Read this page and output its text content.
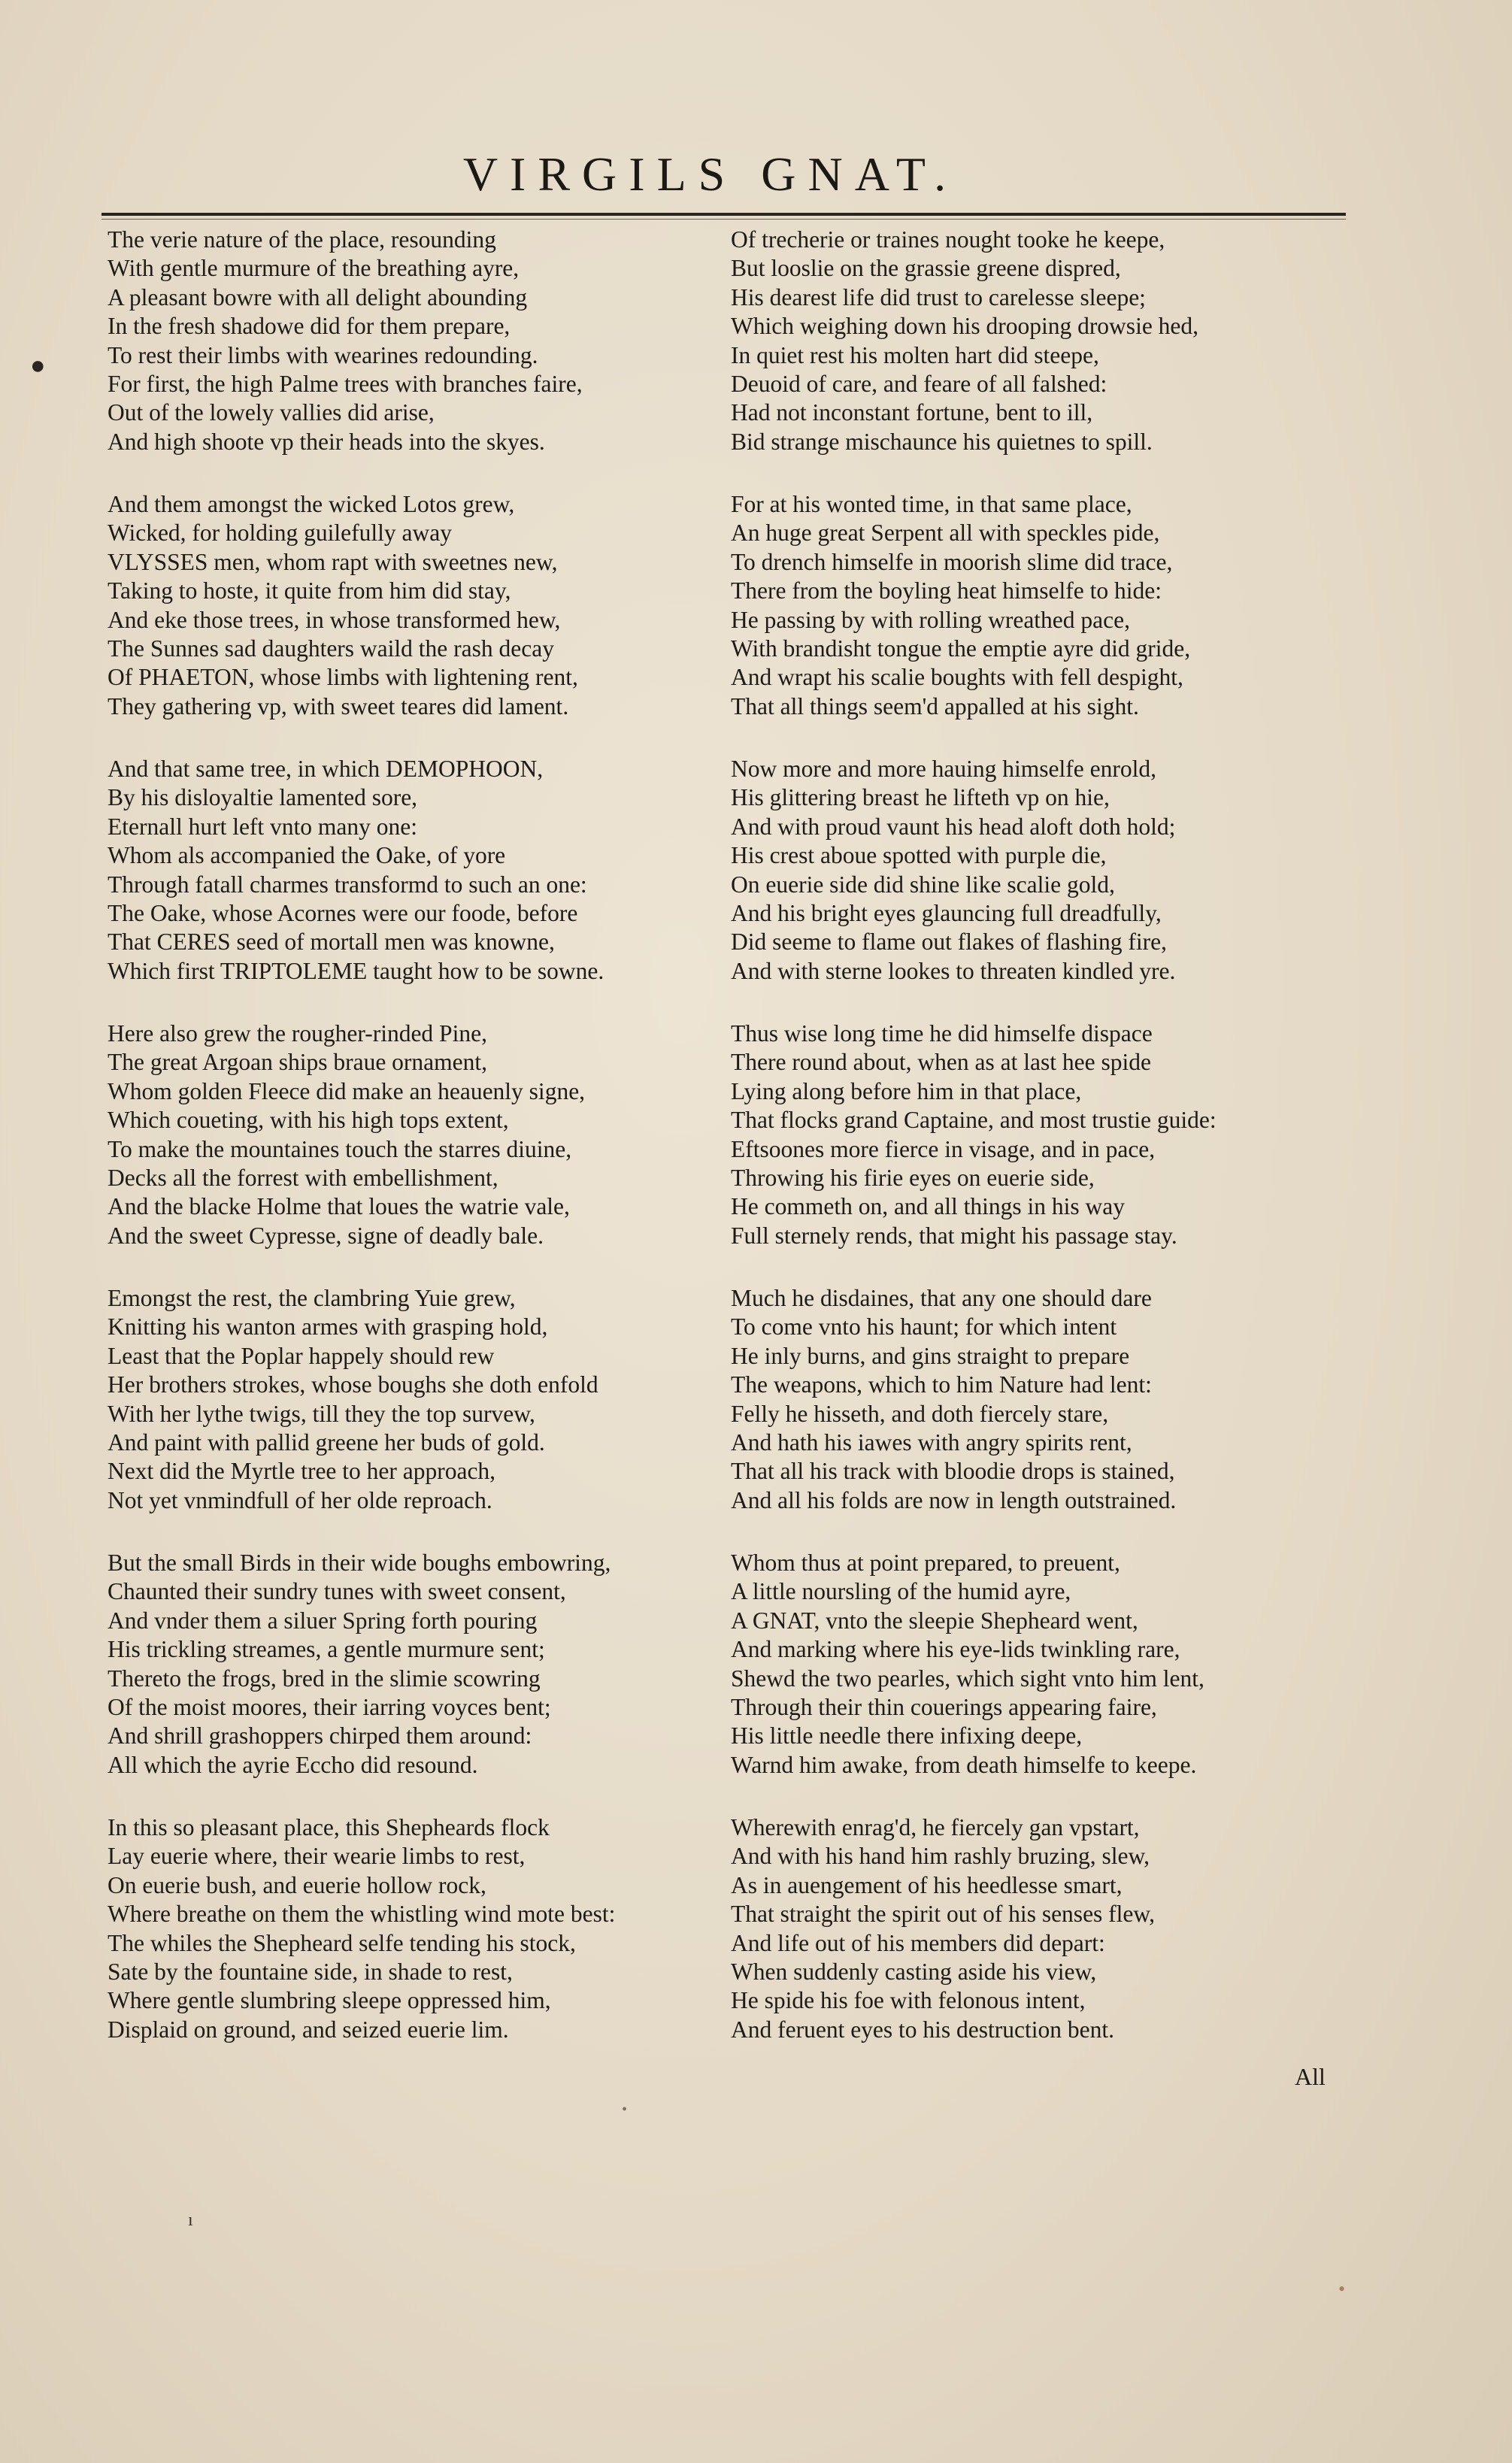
VIRGILS GNAT.
The verie nature of the place, resounding
With gentle murmure of the breathing ayre,
A pleasant bowre with all delight abounding
In the fresh shadowe did for them prepare,
To rest their limbs with wearines redounding.
For first, the high Palme trees with branches faire,
Out of the lowely vallies did arise,
And high shoote vp their heads into the skyes.
And them amongst the wicked Lotos grew,
Wicked, for holding guilefully away
VLYSSES men, whom rapt with sweetnes new,
Taking to hoste, it quite from him did stay,
And eke those trees, in whose transformed hew,
The Sunnes sad daughters waild the rash decay
Of PHAETON, whose limbs with lightening rent,
They gathering vp, with sweet teares did lament.
And that same tree, in which DEMOPHOON,
By his disloyaltie lamented sore,
Eternall hurt left vnto many one:
Whom als accompanied the Oake, of yore
Through fatall charmes transformd to such an one:
The Oake, whose Acornes were our foode, before
That CERES seed of mortall men was knowne,
Which first TRIPTOLEME taught how to be sowne.
Here also grew the rougher-rinded Pine,
The great Argoan ships braue ornament,
Whom golden Fleece did make an heauenly signe,
Which coueting, with his high tops extent,
To make the mountaines touch the starres diuine,
Decks all the forrest with embellishment,
And the blacke Holme that loues the watrie vale,
And the sweet Cypresse, signe of deadly bale.
Emongst the rest, the clambring Yuie grew,
Knitting his wanton armes with grasping hold,
Least that the Poplar happely should rew
Her brothers strokes, whose boughs she doth enfold
With her lythe twigs, till they the top survew,
And paint with pallid greene her buds of gold.
Next did the Myrtle tree to her approach,
Not yet vnmindfull of her olde reproach.
But the small Birds in their wide boughs embowring,
Chaunted their sundry tunes with sweet consent,
And vnder them a siluer Spring forth pouring
His trickling streames, a gentle murmure sent;
Thereto the frogs, bred in the slimie scowring
Of the moist moores, their iarring voyces bent;
And shrill grashoppers chirped them around:
All which the ayrie Eccho did resound.
In this so pleasant place, this Shepheards flock
Lay euerie where, their wearie limbs to rest,
On euerie bush, and euerie hollow rock,
Where breathe on them the whistling wind mote best:
The whiles the Shepheard selfe tending his stock,
Sate by the fountaine side, in shade to rest,
Where gentle slumbring sleepe oppressed him,
Displaid on ground, and seized euerie lim.
Of trecherie or traines nought tooke he keepe,
But looslie on the grassie greene dispred,
His dearest life did trust to carelesse sleepe;
Which weighing down his drooping drowsie hed,
In quiet rest his molten hart did steepe,
Deuoid of care, and feare of all falshed:
Had not inconstant fortune, bent to ill,
Bid strange mischaunce his quietnes to spill.
For at his wonted time, in that same place,
An huge great Serpent all with speckles pide,
To drench himselfe in moorish slime did trace,
There from the boyling heat himselfe to hide:
He passing by with rolling wreathed pace,
With brandisht tongue the emptie ayre did gride,
And wrapt his scalie boughts with fell despight,
That all things seem'd appalled at his sight.
Now more and more hauing himselfe enrold,
His glittering breast he lifteth vp on hie,
And with proud vaunt his head aloft doth hold;
His crest aboue spotted with purple die,
On euerie side did shine like scalie gold,
And his bright eyes glauncing full dreadfully,
Did seeme to flame out flakes of flashing fire,
And with sterne lookes to threaten kindled yre.
Thus wise long time he did himselfe dispace
There round about, when as at last hee spide
Lying along before him in that place,
That flocks grand Captaine, and most trustie guide:
Eftsoones more fierce in visage, and in pace,
Throwing his firie eyes on euerie side,
He commeth on, and all things in his way
Full sternely rends, that might his passage stay.
Much he disdaines, that any one should dare
To come vnto his haunt; for which intent
He inly burns, and gins straight to prepare
The weapons, which to him Nature had lent:
Felly he hisseth, and doth fiercely stare,
And hath his iawes with angry spirits rent,
That all his track with bloodie drops is stained,
And all his folds are now in length outstrained.
Whom thus at point prepared, to preuent,
A little noursling of the humid ayre,
A GNAT, vnto the sleepie Shepheard went,
And marking where his eye-lids twinkling rare,
Shewd the two pearles, which sight vnto him lent,
Through their thin couerings appearing faire,
His little needle there infixing deepe,
Warnd him awake, from death himselfe to keepe.
Wherewith enrag'd, he fiercely gan vpstart,
And with his hand him rashly bruzing, slew,
As in auengement of his heedlesse smart,
That straight the spirit out of his senses flew,
And life out of his members did depart:
When suddenly casting aside his view,
He spide his foe with felonous intent,
And feruent eyes to his destruction bent.
All
●
•
ı
•
